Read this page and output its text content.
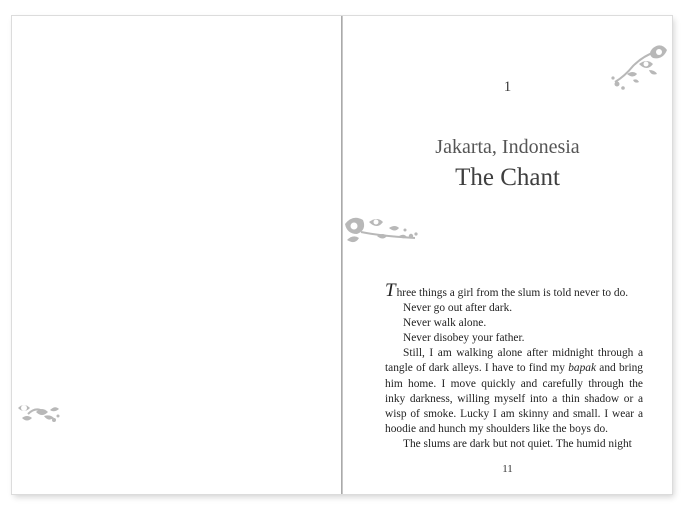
1
Jakarta, Indonesia
The Chant

Three things a girl from the slum is told never to do.

Never go out after dark.

Never walk alone.

Never disobey your father.

Still, I am walking alone after midnight through a tangle of dark alleys. I have to find my bapak and bring him home. I move quickly and carefully through the inky darkness, willing myself into a thin shadow or a wisp of smoke. Lucky I am skinny and small. I wear a hoodie and hunch my shoulders like the boys do.

The slums are dark but not quiet. The humid night

11
